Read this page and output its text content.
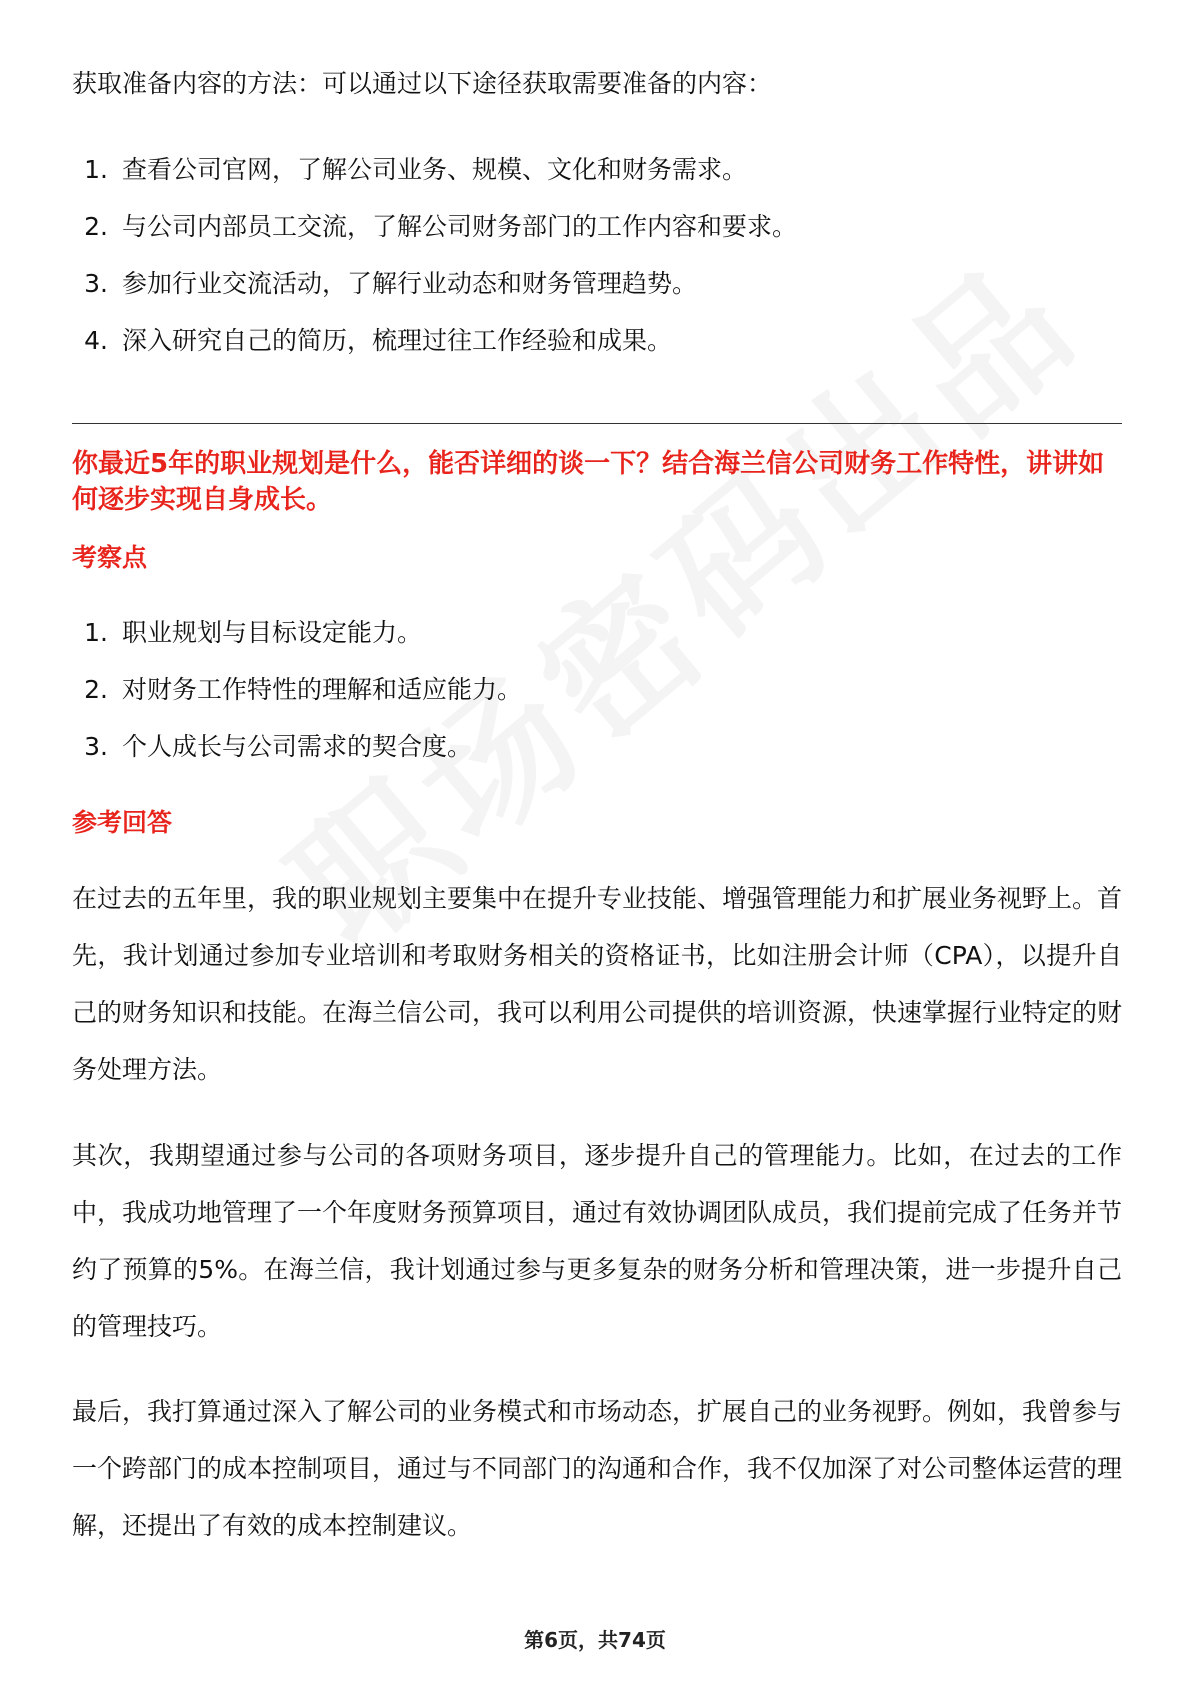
获取准备内容的方法：可以通过以下途径获取需要准备的内容：
1. 查看公司官网，了解公司业务、规模、文化和财务需求。
2. 与公司内部员工交流，了解公司财务部门的工作内容和要求。
3. 参加行业交流活动，了解行业动态和财务管理趋势。
4. 深入研究自己的简历，梳理过往工作经验和成果。
你最近5年的职业规划是什么，能否详细的谈一下？结合海兰信公司财务工作特性，讲讲如何逐步实现自身成长。
考察点
1. 职业规划与目标设定能力。
2. 对财务工作特性的理解和适应能力。
3. 个人成长与公司需求的契合度。
参考回答

在过去的五年里，我的职业规划主要集中在提升专业技能、增强管理能力和扩展业务视野上。首先，我计划通过参加专业培训和考取财务相关的资格证书，比如注册会计师（CPA），以提升自己的财务知识和技能。在海兰信公司，我可以利用公司提供的培训资源，快速掌握行业特定的财务处理方法。

其次，我期望通过参与公司的各项财务项目，逐步提升自己的管理能力。比如，在过去的工作中，我成功地管理了一个年度财务预算项目，通过有效协调团队成员，我们提前完成了任务并节约了预算的5%。在海兰信，我计划通过参与更多复杂的财务分析和管理决策，进一步提升自己的管理技巧。

最后，我打算通过深入了解公司的业务模式和市场动态，扩展自己的业务视野。例如，我曾参与一个跨部门的成本控制项目，通过与不同部门的沟通和合作，我不仅加深了对公司整体运营的理解，还提出了有效的成本控制建议。

第6页，共74页
